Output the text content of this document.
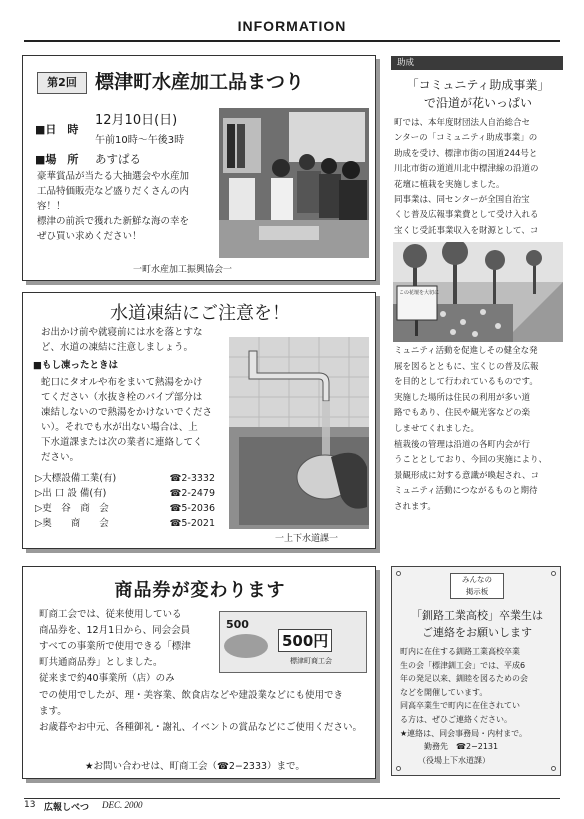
INFORMATION
第2回 標津町水産加工品まつり
■日　時
12月10日(日)
午前10時〜午後3時
■場　所 あすぱる
豪華賞品が当たる大抽選会や水産加
工品特価販売など盛りだくさんの内
容！！
標津の前浜で獲れた新鮮な海の幸を
ぜひ買い求めください！
一町水産加工振興協会一
水道凍結にご注意を！
お出かけ前や就寝前には水を落とすな
ど、水道の凍結に注意しましょう。
■もし凍ったときは
蛇口にタオルや布をまいて熱湯をかけ
てください（水抜き栓のパイプ部分は
凍結しないので熱湯をかけないでくださ
い）。それでも水が出ない場合は、上
下水道課または次の業者に連絡してく
ださい。
▷大標設備工業(有)	☎2-3332
▷出 口 設 備(有)	☎2-2479
▷吏　谷　商　会	☎5-2036
▷奥　　商　　会	☎5-2021
一上下水道課一
商品券が変わります
町商工会では、従来使用している
商品券を、12月1日から、同会会員
すべての事業所で使用できる「標津
町共通商品券」としました。
従来まで約40事業所（店）のみ
500
500円
標津町商工会
での使用でしたが、理・美容業、飲食店などや建設業などにも使用でき
ます。
お歳暮やお中元、各種御礼・謝礼、イベントの賞品などにご使用ください。
★お問い合わせは、町商工会（☎2−2333）まで。
助成
「コミュニティ助成事業」
で沿道が花いっぱい
町では、本年度財団法人自治総合セ
ンターの「コミュニティ助成事業」の
助成を受け、標津市街の国道244号と
川北市街の道道川北中標津線の沿道の
花壇に植栽を実施しました。
同事業は、同センターが全国自治宝
くじ普及広報事業費として受け入れる
宝くじ受託事業収入を財源として、コ
この花壇を大切に
ミュニティ活動を促進しその健全な発
展を図るとともに、宝くじの普及広報
を目的として行われているものです。
実施した場所は住民の利用が多い道
路でもあり、住民や観光客などの楽
しませてくれました。
植栽後の管理は沿道の各町内会が行
うこととしており、今回の実施により、
景観形成に対する意識が喚起され、コ
ミュニティ活動につながるものと期待
されます。
みんなの
掲示板
「釧路工業高校」卒業生は
ご連絡をお願いします
町内に在住する釧路工業高校卒業
生の会「標津釧工会」では、平成6
年の発足以来、釧睦を図るための会
などを開催しています。
同高卒業生で町内に在住されてい
る方は、ぜひご連絡ください。
★連絡は、同会事務局・内村まで。
勤務先　☎2−2131
（役場上下水道課）
13 広報しべつ DEC. 2000
